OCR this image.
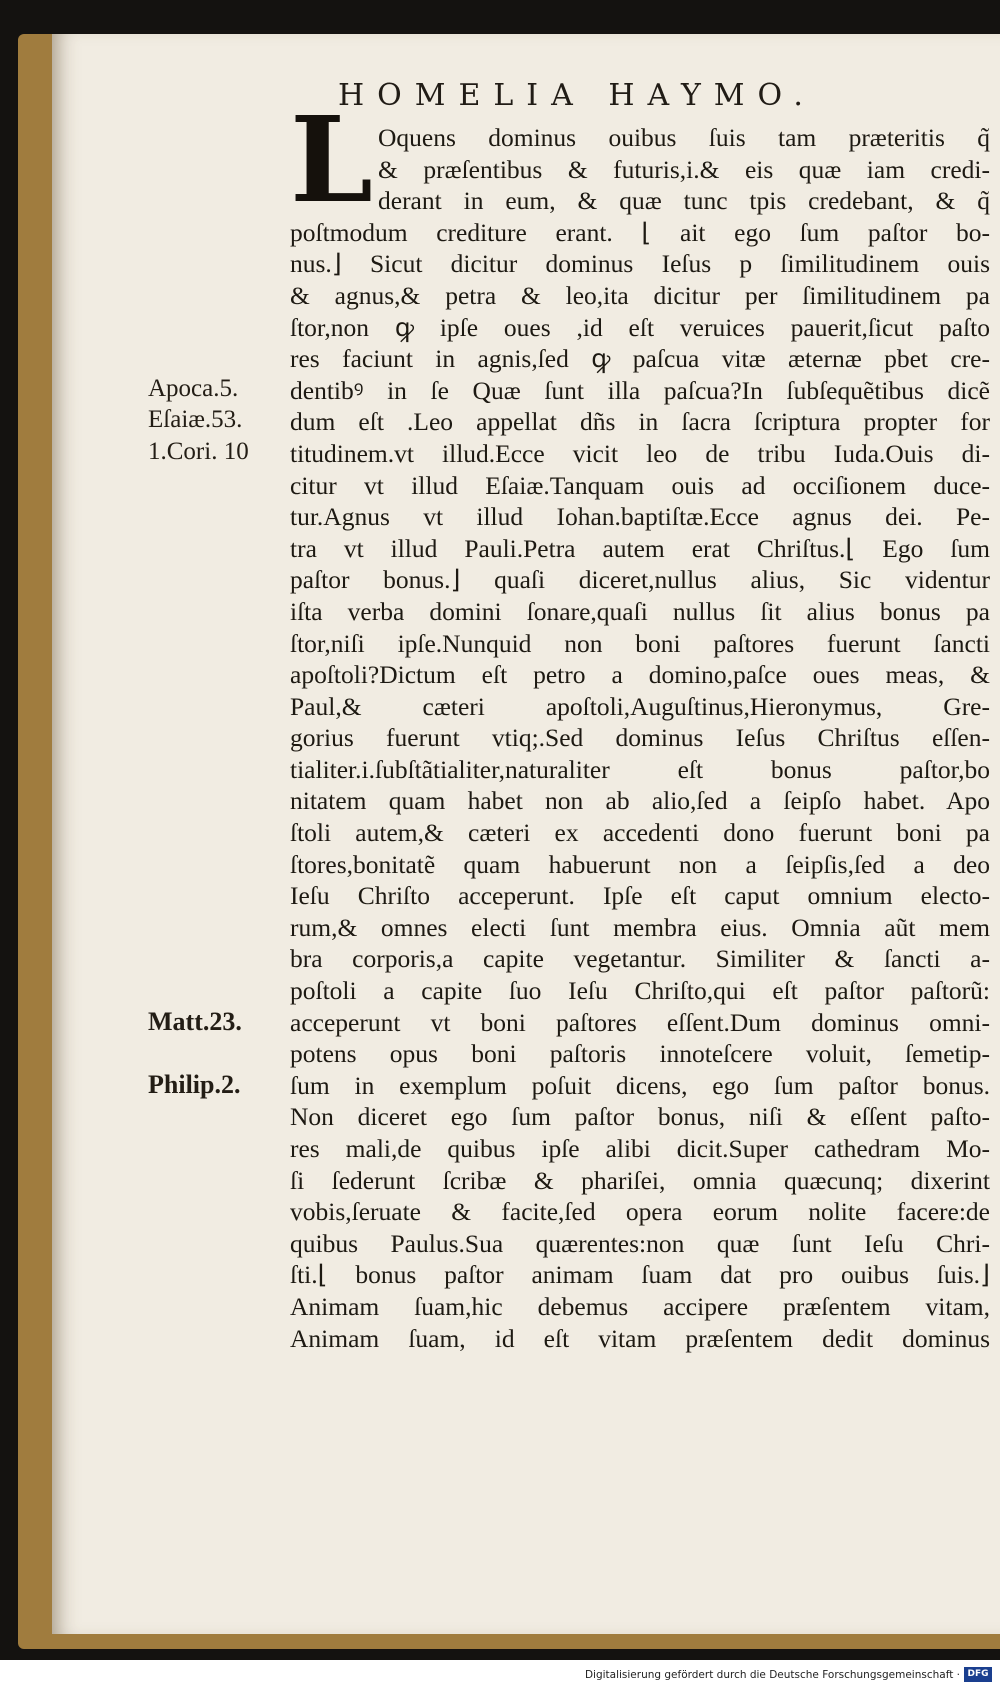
HOMELIA HAYMO.
L Oquens dominus ouibus ſuis tam præteritis q̃
& præſentibus & futuris,i.& eis quæ iam credi-
derant in eum, & quæ tunc tpis credebant, & q̃
poſtmodum crediture erant. ⌊ ait ego ſum paſtor bo-
nus.⌋ Sicut dicitur dominus Ieſus p ſimilitudinem ouis
& agnus,& petra & leo,ita dicitur per ſimilitudinem pa
ſtor,non ꝙ ipſe oues ,id eſt veruices pauerit,ſicut paſto
res faciunt in agnis,ſed ꝙ paſcua vitæ æternæ pbet cre-
dentibꝰ in ſe Quæ ſunt illa paſcua?In ſubſequẽtibus dicẽ
dum eſt .Leo appellat dñs in ſacra ſcriptura propter for
titudinem.vt illud.Ecce vicit leo de tribu Iuda.Ouis di-
citur vt illud Eſaiæ.Tanquam ouis ad occiſionem duce-
tur.Agnus vt illud Iohan.baptiſtæ.Ecce agnus dei. Pe-
tra vt illud Pauli.Petra autem erat Chriſtus.⌊ Ego ſum
paſtor bonus.⌋ quaſi diceret,nullus alius, Sic videntur
iſta verba domini ſonare,quaſi nullus ſit alius bonus pa
ſtor,niſi ipſe.Nunquid non boni paſtores fuerunt ſancti
apoſtoli?Dictum eſt petro a domino,paſce oues meas, &
Paul,& cæteri apoſtoli,Auguſtinus,Hieronymus, Gre-
gorius fuerunt vtiq;.Sed dominus Ieſus Chriſtus eſſen-
tialiter.i.ſubſtãtialiter,naturaliter eſt bonus paſtor,bo
nitatem quam habet non ab alio,ſed a ſeipſo habet. Apo
ſtoli autem,& cæteri ex accedenti dono fuerunt boni pa
ſtores,bonitatẽ quam habuerunt non a ſeipſis,ſed a deo
Ieſu Chriſto acceperunt. Ipſe eſt caput omnium electo-
rum,& omnes electi ſunt membra eius. Omnia aũt mem
bra corporis,a capite vegetantur. Similiter & ſancti a-
poſtoli a capite ſuo Ieſu Chriſto,qui eſt paſtor paſtorũ:
acceperunt vt boni paſtores eſſent.Dum dominus omni-
potens opus boni paſtoris innoteſcere voluit, ſemetip-
ſum in exemplum poſuit dicens, ego ſum paſtor bonus.
Non diceret ego ſum paſtor bonus, niſi & eſſent paſto-
res mali,de quibus ipſe alibi dicit.Super cathedram Mo-
ſi ſederunt ſcribæ & phariſei, omnia quæcunq; dixerint
vobis,ſeruate & facite,ſed opera eorum nolite facere:de
quibus Paulus.Sua quærentes:non quæ ſunt Ieſu Chri-
ſti.⌊ bonus paſtor animam ſuam dat pro ouibus ſuis.⌋
Animam ſuam,hic debemus accipere præſentem vitam,
Animam ſuam, id eſt vitam præſentem dedit dominus
Apoca.5.
Eſaiæ.53.
1.Cori. 10
Matt.23.
Philip.2.
Digitalisierung gefördert durch die Deutsche Forschungsgemeinschaft · DFG
